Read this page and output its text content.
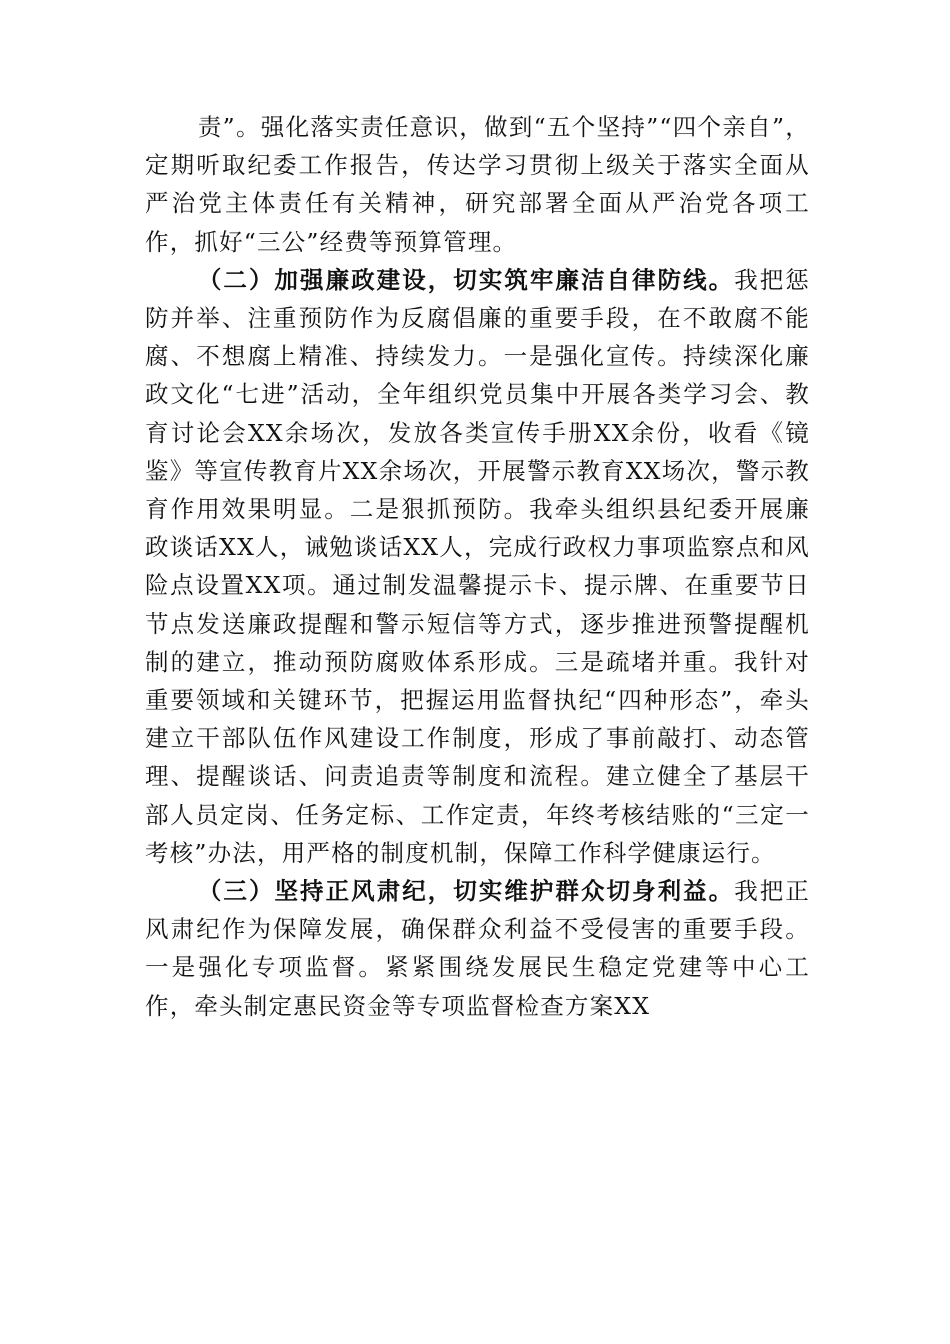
责”。强化落实责任意识，做到“五个坚持”“四个亲自”，定期听取纪委工作报告，传达学习贯彻上级关于落实全面从严治党主体责任有关精神，研究部署全面从严治党各项工作，抓好“三公”经费等预算管理。

（二）加强廉政建设，切实筑牢廉洁自律防线。我把惩防并举、注重预防作为反腐倡廉的重要手段，在不敢腐不能腐、不想腐上精准、持续发力。一是强化宣传。持续深化廉政文化“七进”活动，全年组织党员集中开展各类学习会、教育讨论会XX余场次，发放各类宣传手册XX余份，收看《镜鉴》等宣传教育片XX余场次，开展警示教育XX场次，警示教育作用效果明显。二是狠抓预防。我牵头组织县纪委开展廉政谈话XX人，诫勉谈话XX人，完成行政权力事项监察点和风险点设置XX项。通过制发温馨提示卡、提示牌、在重要节日节点发送廉政提醒和警示短信等方式，逐步推进预警提醒机制的建立，推动预防腐败体系形成。三是疏堵并重。我针对重要领域和关键环节，把握运用监督执纪“四种形态”，牵头建立干部队伍作风建设工作制度，形成了事前敲打、动态管理、提醒谈话、问责追责等制度和流程。建立健全了基层干部人员定岗、任务定标、工作定责，年终考核结账的“三定一考核”办法，用严格的制度机制，保障工作科学健康运行。

（三）坚持正风肃纪，切实维护群众切身利益。我把正风肃纪作为保障发展，确保群众利益不受侵害的重要手段。一是强化专项监督。紧紧围绕发展民生稳定党建等中心工作，牵头制定惠民资金等专项监督检查方案XX
